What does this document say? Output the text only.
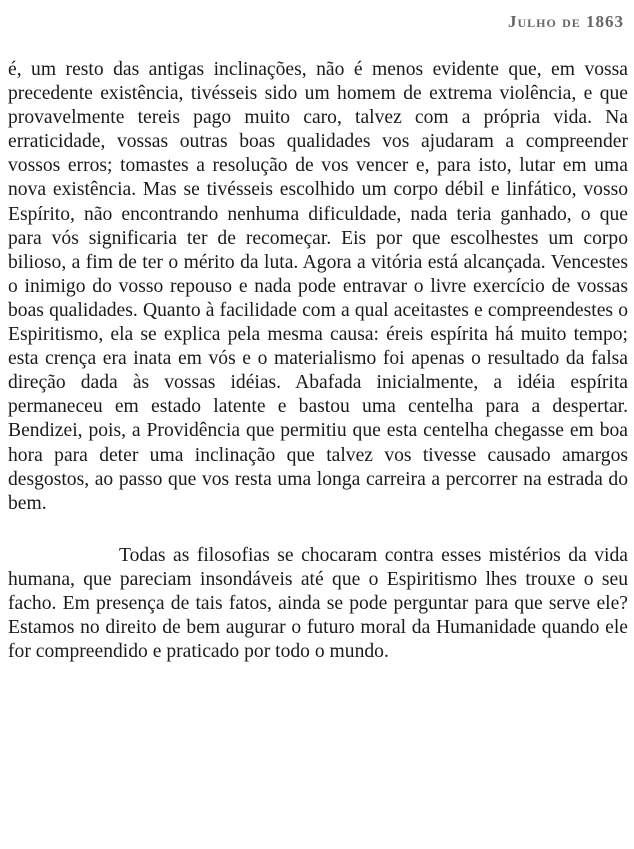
Julho de 1863

é, um resto das antigas inclinações, não é menos evidente que, em vossa precedente existência, tivésseis sido um homem de extrema violência, e que provavelmente tereis pago muito caro, talvez com a própria vida. Na erraticidade, vossas outras boas qualidades vos ajudaram a compreender vossos erros; tomastes a resolução de vos vencer e, para isto, lutar em uma nova existência. Mas se tivésseis escolhido um corpo débil e linfático, vosso Espírito, não encontrando nenhuma dificuldade, nada teria ganhado, o que para vós significaria ter de recomeçar. Eis por que escolhestes um corpo bilioso, a fim de ter o mérito da luta. Agora a vitória está alcançada. Vencestes o inimigo do vosso repouso e nada pode entravar o livre exercício de vossas boas qualidades. Quanto à facilidade com a qual aceitastes e compreendestes o Espiritismo, ela se explica pela mesma causa: éreis espírita há muito tempo; esta crença era inata em vós e o materialismo foi apenas o resultado da falsa direção dada às vossas idéias. Abafada inicialmente, a idéia espírita permaneceu em estado latente e bastou uma centelha para a despertar. Bendizei, pois, a Providência que permitiu que esta centelha chegasse em boa hora para deter uma inclinação que talvez vos tivesse causado amargos desgostos, ao passo que vos resta uma longa carreira a percorrer na estrada do bem.

Todas as filosofias se chocaram contra esses mistérios da vida humana, que pareciam insondáveis até que o Espiritismo lhes trouxe o seu facho. Em presença de tais fatos, ainda se pode perguntar para que serve ele? Estamos no direito de bem augurar o futuro moral da Humanidade quando ele for compreendido e praticado por todo o mundo.
